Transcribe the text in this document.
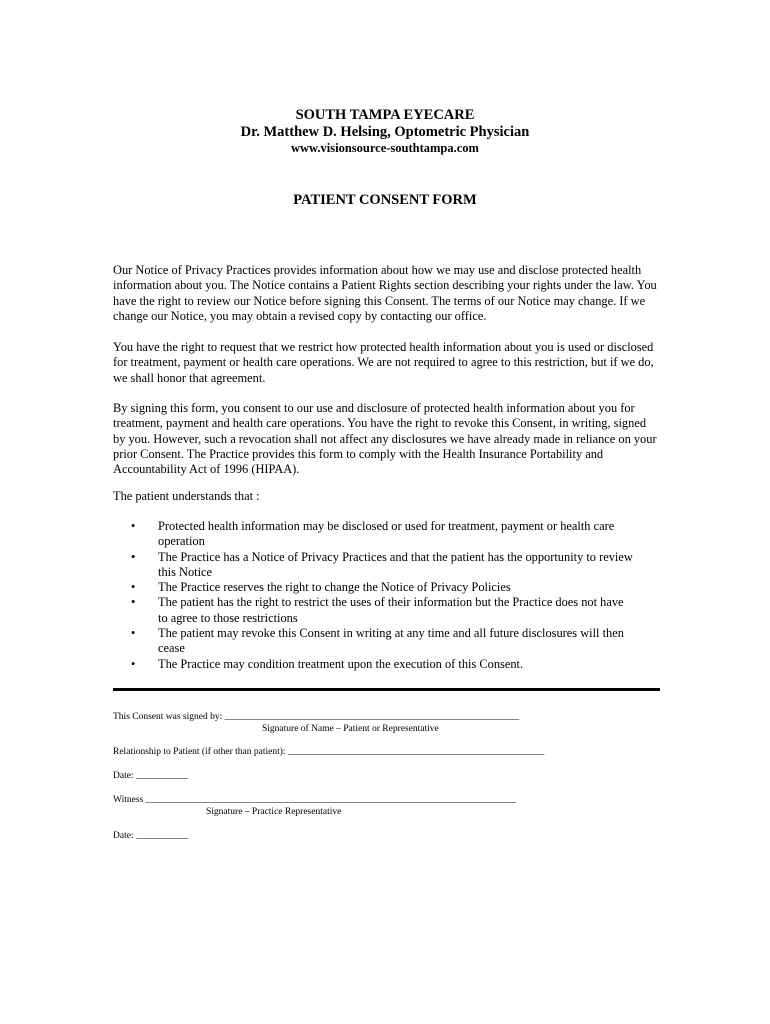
SOUTH TAMPA EYECARE
Dr. Matthew D. Helsing, Optometric Physician
www.visionsource-southtampa.com
PATIENT CONSENT FORM
Our Notice of Privacy Practices provides information about how we may use and disclose protected health information about you. The Notice contains a Patient Rights section describing your rights under the law. You have the right to review our Notice before signing this Consent. The terms of our Notice may change. If we change our Notice, you may obtain a revised copy by contacting our office.
You have the right to request that we restrict how protected health information about you is used or disclosed for treatment, payment or health care operations. We are not required to agree to this restriction, but if we do, we shall honor that agreement.
By signing this form, you consent to our use and disclosure of protected health information about you for treatment, payment and health care operations. You have the right to revoke this Consent, in writing, signed by you. However, such a revocation shall not affect any disclosures we have already made in reliance on your prior Consent. The Practice provides this form to comply with the Health Insurance Portability and Accountability Act of 1996 (HIPAA).
The patient understands that :
• Protected health information may be disclosed or used for treatment, payment or health care operation
• The Practice has a Notice of Privacy Practices and that the patient has the opportunity to review this Notice
• The Practice reserves the right to change the Notice of Privacy Policies
• The patient has the right to restrict the uses of their information but the Practice does not have to agree to those restrictions
• The patient may revoke this Consent in writing at any time and all future disclosures will then cease
• The Practice may condition treatment upon the execution of this Consent.
This Consent was signed by: ______________________________________________________________
Signature of Name – Patient or Representative
Relationship to Patient (if other than patient): ______________________________________________________
Date: ___________
Witness ______________________________________________________________________________
Signature – Practice Representative
Date: ___________
